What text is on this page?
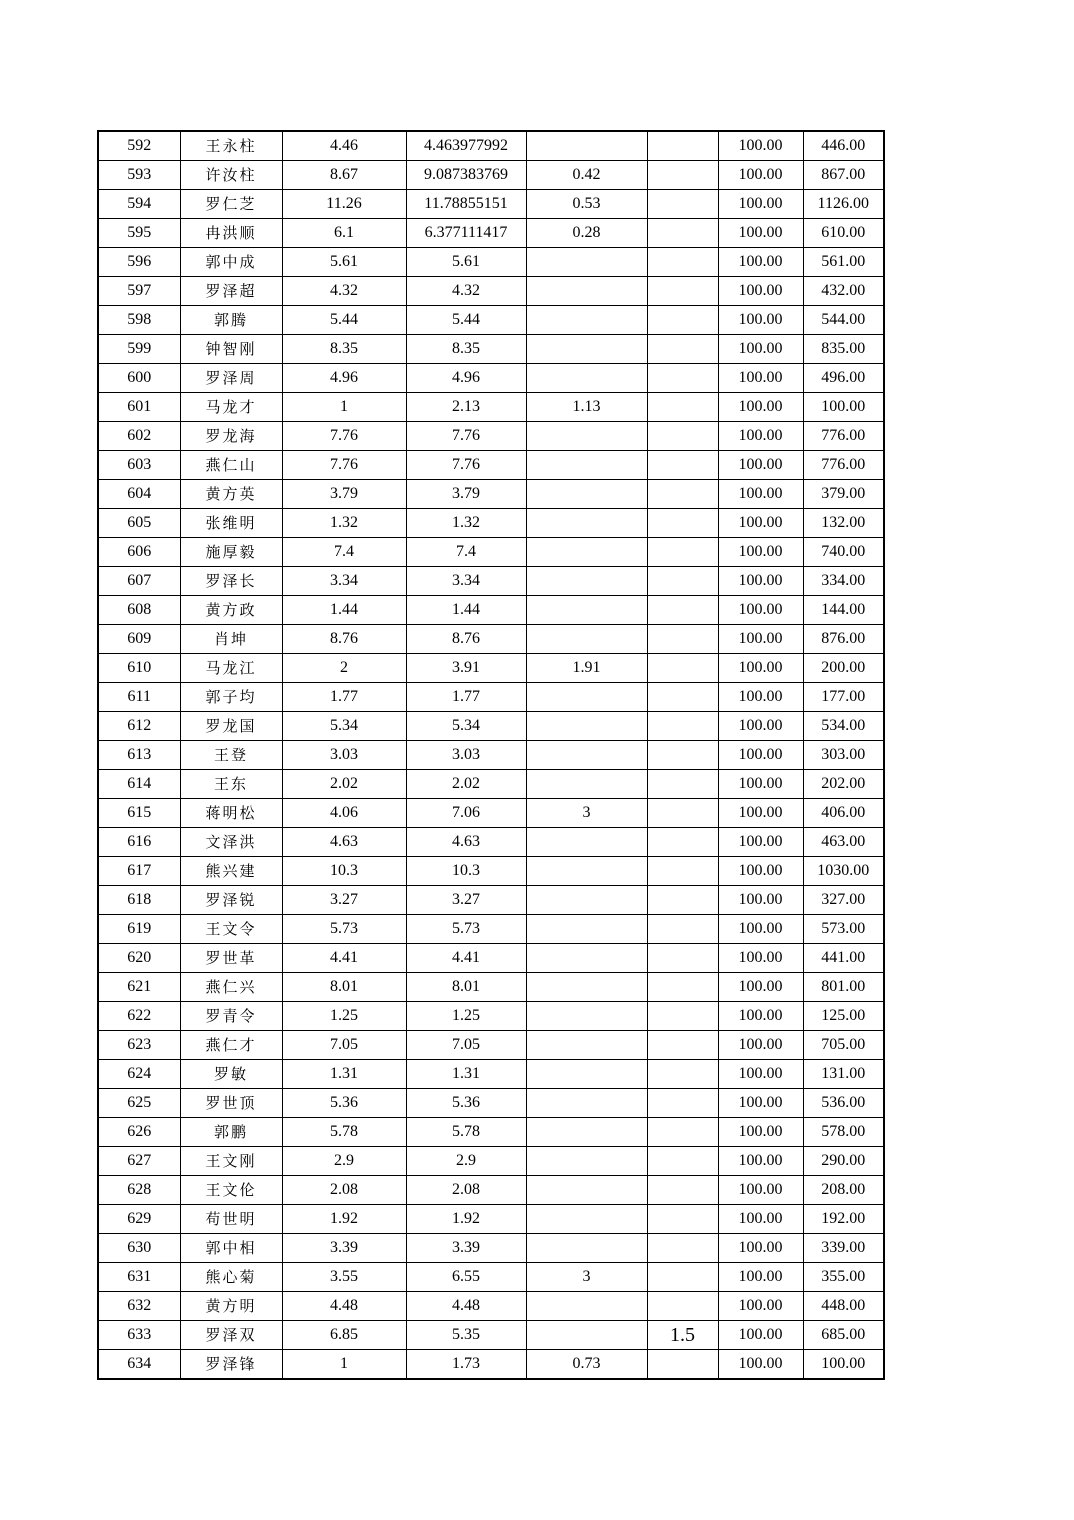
592	王永柱	4.46	4.463977992			100.00	446.00
593	许汝柱	8.67	9.087383769	0.42		100.00	867.00
594	罗仁芝	11.26	11.78855151	0.53		100.00	1126.00
595	冉洪顺	6.1	6.377111417	0.28		100.00	610.00
596	郭中成	5.61	5.61			100.00	561.00
597	罗泽超	4.32	4.32			100.00	432.00
598	郭腾	5.44	5.44			100.00	544.00
599	钟智刚	8.35	8.35			100.00	835.00
600	罗泽周	4.96	4.96			100.00	496.00
601	马龙才	1	2.13	1.13		100.00	100.00
602	罗龙海	7.76	7.76			100.00	776.00
603	燕仁山	7.76	7.76			100.00	776.00
604	黄方英	3.79	3.79			100.00	379.00
605	张维明	1.32	1.32			100.00	132.00
606	施厚毅	7.4	7.4			100.00	740.00
607	罗泽长	3.34	3.34			100.00	334.00
608	黄方政	1.44	1.44			100.00	144.00
609	肖坤	8.76	8.76			100.00	876.00
610	马龙江	2	3.91	1.91		100.00	200.00
611	郭子均	1.77	1.77			100.00	177.00
612	罗龙国	5.34	5.34			100.00	534.00
613	王登	3.03	3.03			100.00	303.00
614	王东	2.02	2.02			100.00	202.00
615	蒋明松	4.06	7.06	3		100.00	406.00
616	文泽洪	4.63	4.63			100.00	463.00
617	熊兴建	10.3	10.3			100.00	1030.00
618	罗泽锐	3.27	3.27			100.00	327.00
619	王文令	5.73	5.73			100.00	573.00
620	罗世革	4.41	4.41			100.00	441.00
621	燕仁兴	8.01	8.01			100.00	801.00
622	罗青令	1.25	1.25			100.00	125.00
623	燕仁才	7.05	7.05			100.00	705.00
624	罗敏	1.31	1.31			100.00	131.00
625	罗世顶	5.36	5.36			100.00	536.00
626	郭鹏	5.78	5.78			100.00	578.00
627	王文刚	2.9	2.9			100.00	290.00
628	王文伦	2.08	2.08			100.00	208.00
629	苟世明	1.92	1.92			100.00	192.00
630	郭中相	3.39	3.39			100.00	339.00
631	熊心菊	3.55	6.55	3		100.00	355.00
632	黄方明	4.48	4.48			100.00	448.00
633	罗泽双	6.85	5.35		1.5	100.00	685.00
634	罗泽锋	1	1.73	0.73		100.00	100.00
